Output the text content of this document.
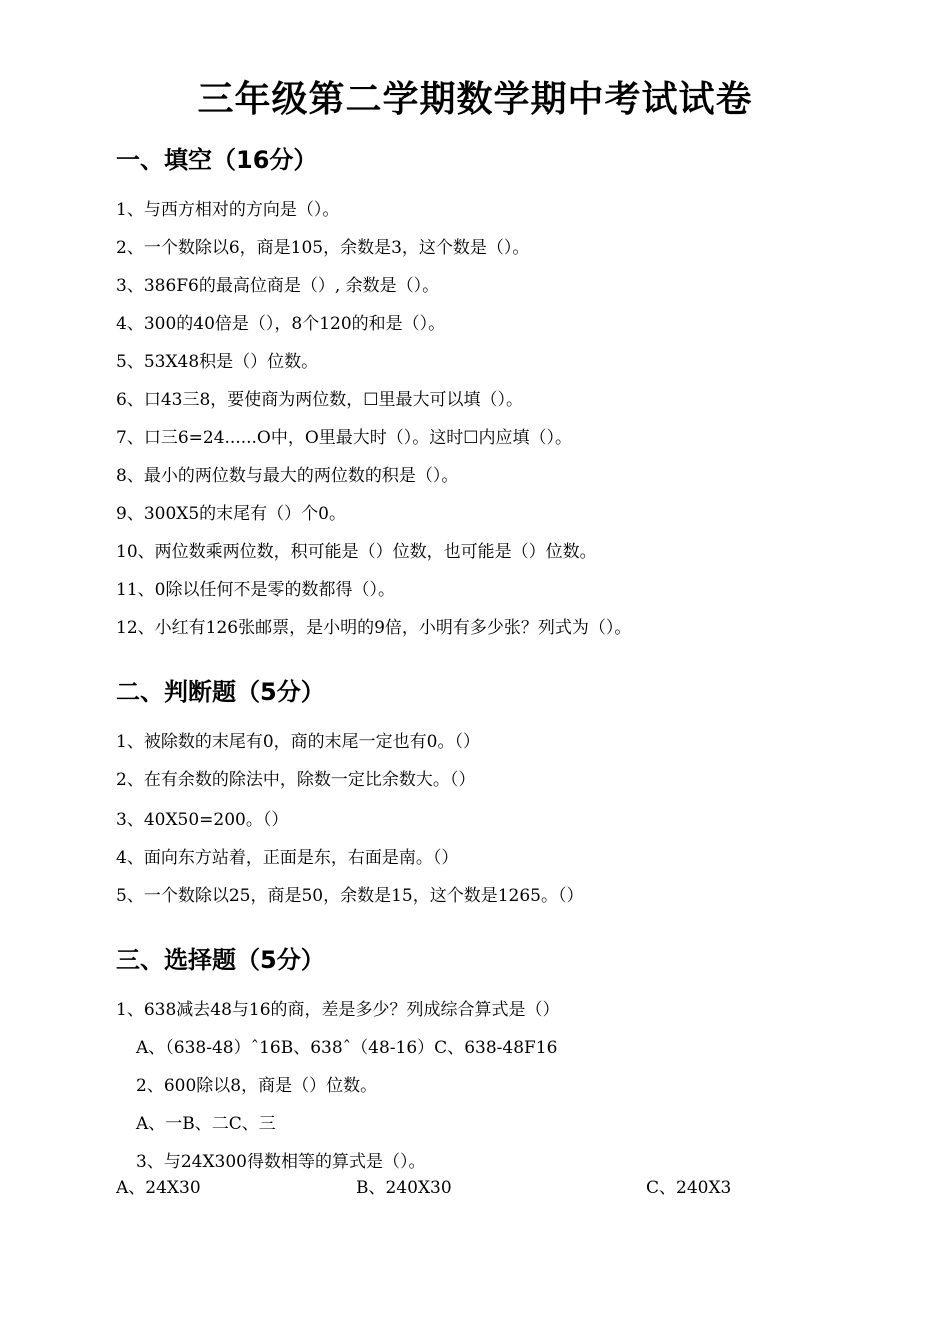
三年级第二学期数学期中考试试卷
一、填空（16分）

1、与西方相对的方向是（）。

2、一个数除以6，商是105，余数是3，这个数是（）。

3、386F6的最高位商是（）, 余数是（）。

4、300的40倍是（），8个120的和是（）。

5、53X48积是（）位数。

6、口43三8，要使商为两位数，☐里最大可以填（）。

7、口三6=24......O中，O里最大时（）。这时☐内应填（）。

8、最小的两位数与最大的两位数的积是（）。

9、300X5的末尾有（）个0。

10、两位数乘两位数，积可能是（）位数，也可能是（）位数。

11、0除以任何不是零的数都得（）。

12、小红有126张邮票，是小明的9倍，小明有多少张？列式为（）。

二、判断题（5分）

1、被除数的末尾有0，商的末尾一定也有0。（）

2、在有余数的除法中，除数一定比余数大。（）

3、40X50=200。（）

4、面向东方站着，正面是东，右面是南。（）

5、一个数除以25，商是50，余数是15，这个数是1265。（）

三、选择题（5分）

1、638减去48与16的商，差是多少？列成综合算式是（）

A、（638-48）ˆ16B、638ˆ（48-16）C、638-48F16

2、600除以8，商是（）位数。

A、一B、二C、三

3、与24X300得数相等的算式是（）。

A、24X30	B、240X30	C、240X3
